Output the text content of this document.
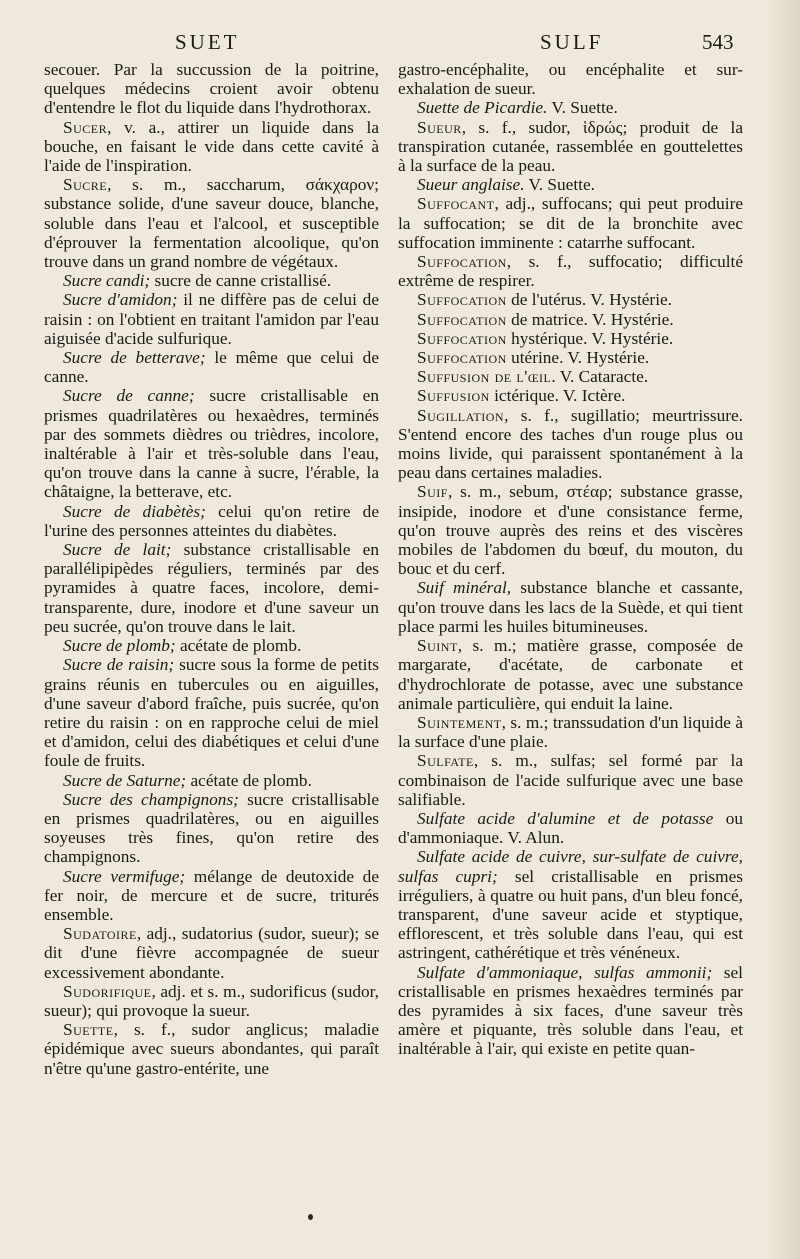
SUET	SULF	543

secouer. Par la succussion de la poitrine, quelques médecins croient avoir obtenu d'entendre le flot du liquide dans l'hydrothorax.

Sucer, v. a., attirer un liquide dans la bouche, en faisant le vide dans cette cavité à l'aide de l'inspiration.

Sucre, s. m., saccharum, σάκχαρον; substance solide, d'une saveur douce, blanche, soluble dans l'eau et l'alcool, et susceptible d'éprouver la fermentation alcoolique, qu'on trouve dans un grand nombre de végétaux.

Sucre candi; sucre de canne cristallisé.

Sucre d'amidon; il ne diffère pas de celui de raisin : on l'obtient en traitant l'amidon par l'eau aiguisée d'acide sulfurique.

Sucre de betterave; le même que celui de canne.

Sucre de canne; sucre cristallisable en prismes quadrilatères ou hexaèdres, terminés par des sommets dièdres ou trièdres, incolore, inaltérable à l'air et très-soluble dans l'eau, qu'on trouve dans la canne à sucre, l'érable, la châtaigne, la betterave, etc.

Sucre de diabètès; celui qu'on retire de l'urine des personnes atteintes du diabètes.

Sucre de lait; substance cristallisable en parallélipipèdes réguliers, terminés par des pyramides à quatre faces, incolore, demi-transparente, dure, inodore et d'une saveur un peu sucrée, qu'on trouve dans le lait.

Sucre de plomb; acétate de plomb.

Sucre de raisin; sucre sous la forme de petits grains réunis en tubercules ou en aiguilles, d'une saveur d'abord fraîche, puis sucrée, qu'on retire du raisin : on en rapproche celui de miel et d'amidon, celui des diabétiques et celui d'une foule de fruits.

Sucre de Saturne; acétate de plomb.

Sucre des champignons; sucre cristallisable en prismes quadrilatères, ou en aiguilles soyeuses très fines, qu'on retire des champignons.

Sucre vermifuge; mélange de deutoxide de fer noir, de mercure et de sucre, triturés ensemble.

Sudatoire, adj., sudatorius (sudor, sueur); se dit d'une fièvre accompagnée de sueur excessivement abondante.

Sudorifique, adj. et s. m., sudorificus (sudor, sueur); qui provoque la sueur.

Suette, s. f., sudor anglicus; maladie épidémique avec sueurs abondantes, qui paraît n'être qu'une gastro-entérite, une

gastro-encéphalite, ou encéphalite et sur-exhalation de sueur.

Suette de Picardie. V. Suette.

Sueur, s. f., sudor, ἱδρώς; produit de la transpiration cutanée, rassemblée en gouttelettes à la surface de la peau.

Sueur anglaise. V. Suette.

Suffocant, adj., suffocans; qui peut produire la suffocation; se dit de la bronchite avec suffocation imminente : catarrhe suffocant.

Suffocation, s. f., suffocatio; difficulté extrême de respirer.

Suffocation de l'utérus. V. Hystérie.

Suffocation de matrice. V. Hystérie.

Suffocation hystérique. V. Hystérie.

Suffocation utérine. V. Hystérie.

Suffusion de l'œil. V. Cataracte.

Suffusion ictérique. V. Ictère.

Sugillation, s. f., sugillatio; meurtrissure. S'entend encore des taches d'un rouge plus ou moins livide, qui paraissent spontanément à la peau dans certaines maladies.

Suif, s. m., sebum, στέαρ; substance grasse, insipide, inodore et d'une consistance ferme, qu'on trouve auprès des reins et des viscères mobiles de l'abdomen du bœuf, du mouton, du bouc et du cerf.

Suif minéral, substance blanche et cassante, qu'on trouve dans les lacs de la Suède, et qui tient place parmi les huiles bitumineuses.

Suint, s. m.; matière grasse, composée de margarate, d'acétate, de carbonate et d'hydrochlorate de potasse, avec une substance animale particulière, qui enduit la laine.

Suintement, s. m.; transsudation d'un liquide à la surface d'une plaie.

Sulfate, s. m., sulfas; sel formé par la combinaison de l'acide sulfurique avec une base salifiable.

Sulfate acide d'alumine et de potasse ou d'ammoniaque. V. Alun.

Sulfate acide de cuivre, sur-sulfate de cuivre, sulfas cupri; sel cristallisable en prismes irréguliers, à quatre ou huit pans, d'un bleu foncé, transparent, d'une saveur acide et styptique, efflorescent, et très soluble dans l'eau, qui est astringent, cathérétique et très vénéneux.

Sulfate d'ammoniaque, sulfas ammonii; sel cristallisable en prismes hexaèdres terminés par des pyramides à six faces, d'une saveur très amère et piquante, très soluble dans l'eau, et inaltérable à l'air, qui existe en petite quan-
